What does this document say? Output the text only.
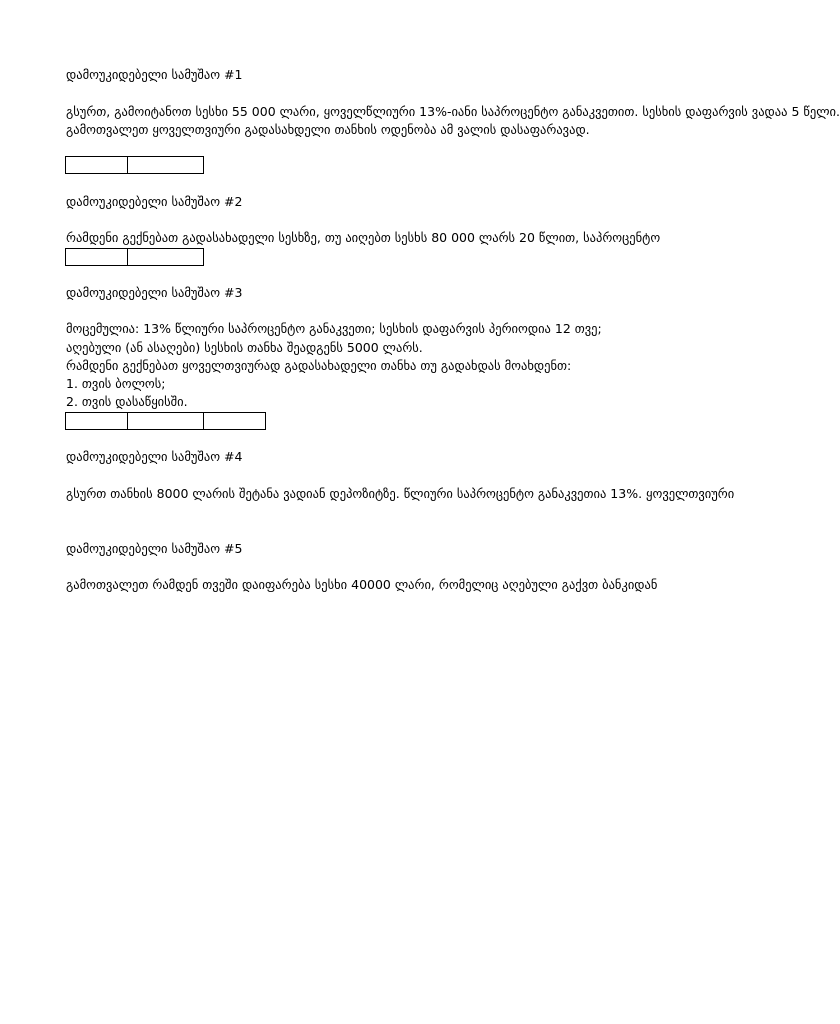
დამოუკიდებელი სამუშაო #1
გსურთ, გამოიტანოთ სესხი 55 000 ლარი, ყოველწლიური 13%-იანი საპროცენტო განაკვეთით. სესხის დაფარვის ვადაა 5 წელი.
გამოთვალეთ ყოველთვიური გადასახდელი თანხის ოდენობა ამ ვალის დასაფარავად.
დამოუკიდებელი სამუშაო #2
რამდენი გექნებათ გადასახადელი სესხზე, თუ აიღებთ სესხს 80 000 ლარს 20 წლით, საპროცენტო
დამოუკიდებელი სამუშაო #3
მოცემულია: 13% წლიური საპროცენტო განაკვეთი; სესხის დაფარვის პერიოდია 12 თვე;
აღებული (ან ასაღები) სესხის თანხა შეადგენს 5000 ლარს.
რამდენი გექნებათ ყოველთვიურად გადასახადელი თანხა თუ გადახდას მოახდენთ:
1. თვის ბოლოს;
2. თვის დასაწყისში.
დამოუკიდებელი სამუშაო #4
გსურთ თანხის 8000 ლარის შეტანა ვადიან დეპოზიტზე. წლიური საპროცენტო განაკვეთია 13%. ყოველთვიური
დამოუკიდებელი სამუშაო #5
გამოთვალეთ რამდენ თვეში დაიფარება სესხი 40000 ლარი, რომელიც აღებული გაქვთ ბანკიდან
